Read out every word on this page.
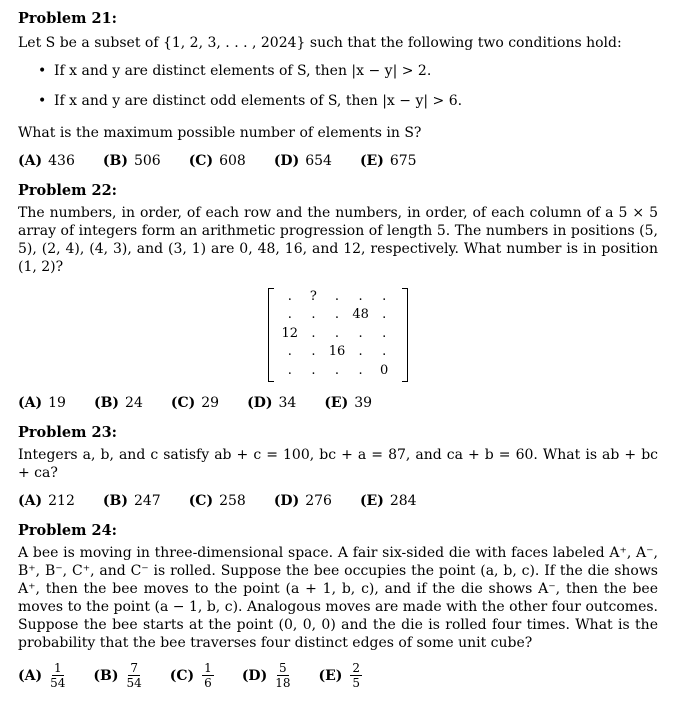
Problem 21:

Let S be a subset of {1, 2, 3, . . . , 2024} such that the following two conditions hold:

• If x and y are distinct elements of S, then |x − y| > 2.

• If x and y are distinct odd elements of S, then |x − y| > 6.

What is the maximum possible number of elements in S?

(A) 436 (B) 506 (C) 608 (D) 654 (E) 675

Problem 22:

The numbers, in order, of each row and the numbers, in order, of each column of a 5 × 5 array of integers form an arithmetic progression of length 5. The numbers in positions (5, 5), (2, 4), (4, 3), and (3, 1) are 0, 48, 16, and 12, respectively. What number is in position (1, 2)?

.	?	.	.	.
.	.	.	48	.
12	.	.	.	.
.	.	16	.	.
.	.	.	.	0
(A) 19 (B) 24 (C) 29 (D) 34 (E) 39

Problem 23:

Integers a, b, and c satisfy ab + c = 100, bc + a = 87, and ca + b = 60. What is ab + bc + ca?

(A) 212 (B) 247 (C) 258 (D) 276 (E) 284

Problem 24:

A bee is moving in three-dimensional space. A fair six-sided die with faces labeled A⁺, A⁻, B⁺, B⁻, C⁺, and C⁻ is rolled. Suppose the bee occupies the point (a, b, c). If the die shows A⁺, then the bee moves to the point (a + 1, b, c), and if the die shows A⁻, then the bee moves to the point (a − 1, b, c). Analogous moves are made with the other four outcomes. Suppose the bee starts at the point (0, 0, 0) and the die is rolled four times. What is the probability that the bee traverses four distinct edges of some unit cube?

$(A) \frac{1}{54} (B) \frac{7}{54} (C) \frac{1}{6} (D) \frac{5}{18} (E) \frac{2}{5}$
